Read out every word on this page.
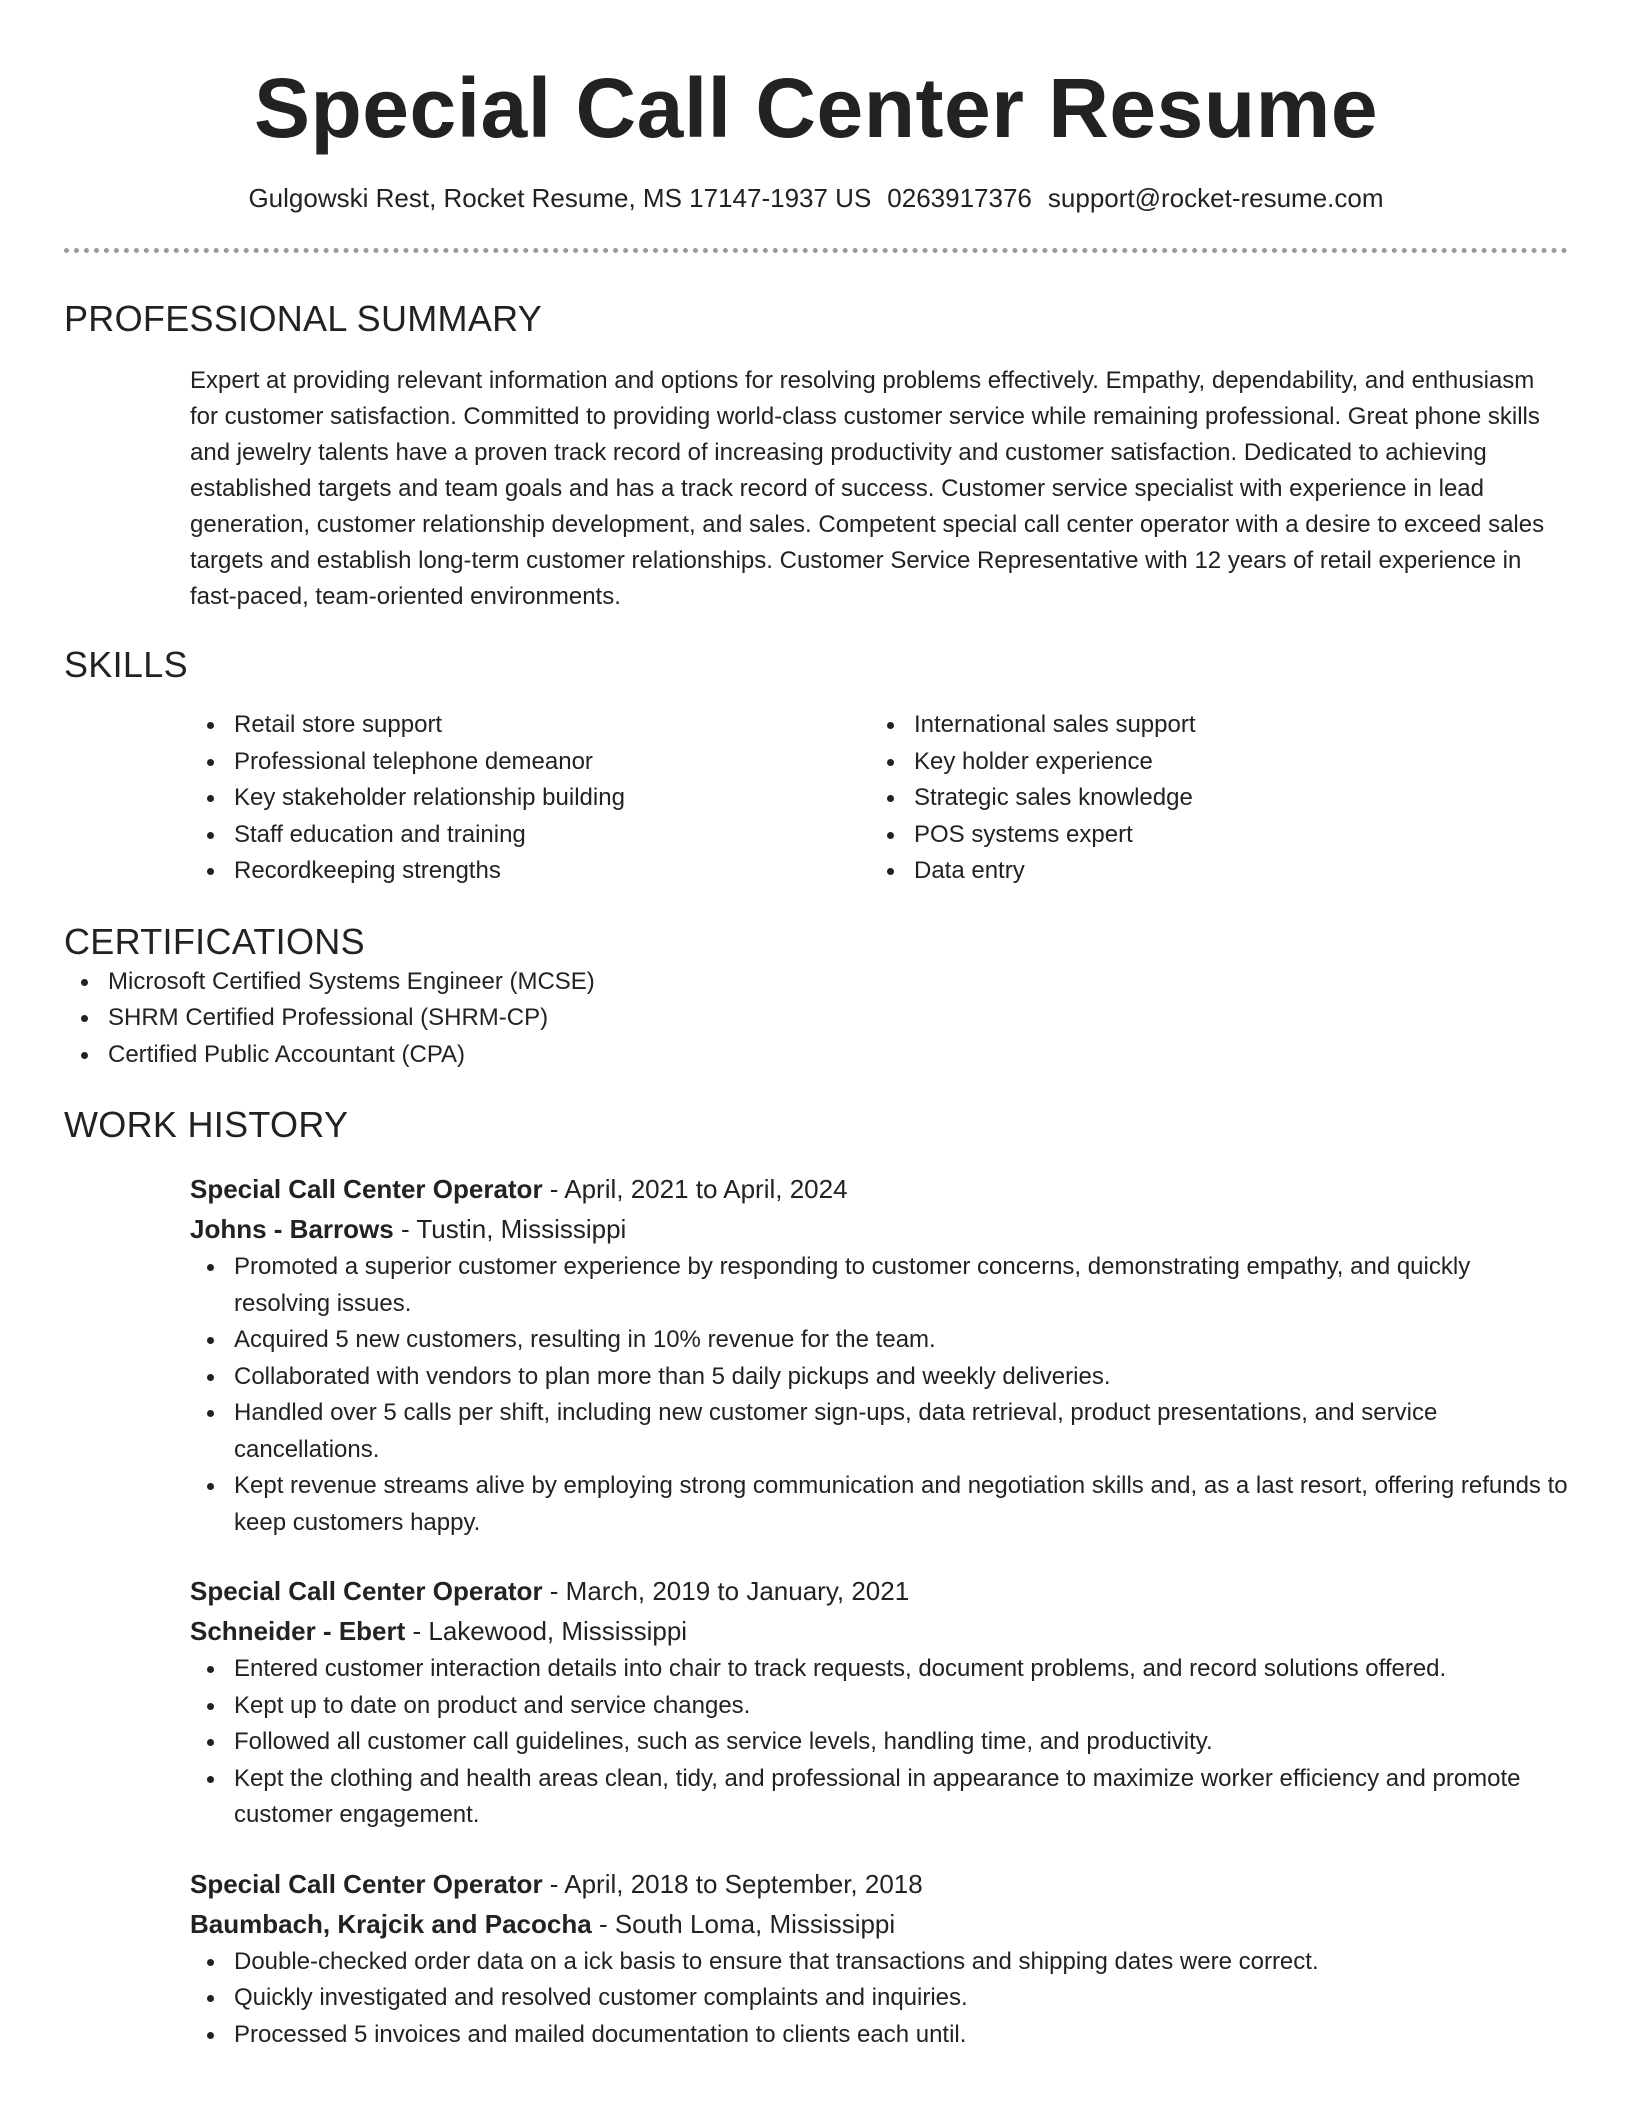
Special Call Center Resume
Gulgowski Rest, Rocket Resume, MS 17147-1937 US 0263917376 support@rocket-resume.com
PROFESSIONAL SUMMARY

Expert at providing relevant information and options for resolving problems effectively. Empathy, dependability, and enthusiasm for customer satisfaction. Committed to providing world-class customer service while remaining professional. Great phone skills and jewelry talents have a proven track record of increasing productivity and customer satisfaction. Dedicated to achieving established targets and team goals and has a track record of success. Customer service specialist with experience in lead generation, customer relationship development, and sales. Competent special call center operator with a desire to exceed sales targets and establish long-term customer relationships. Customer Service Representative with 12 years of retail experience in fast-paced, team-oriented environments.

SKILLS
Retail store support
Professional telephone demeanor
Key stakeholder relationship building
Staff education and training
Recordkeeping strengths
International sales support
Key holder experience
Strategic sales knowledge
POS systems expert
Data entry
CERTIFICATIONS
Microsoft Certified Systems Engineer (MCSE)
SHRM Certified Professional (SHRM-CP)
Certified Public Accountant (CPA)
WORK HISTORY
Special Call Center Operator - April, 2021 to April, 2024
Johns - Barrows - Tustin, Mississippi
Promoted a superior customer experience by responding to customer concerns, demonstrating empathy, and quickly resolving issues.
Acquired 5 new customers, resulting in 10% revenue for the team.
Collaborated with vendors to plan more than 5 daily pickups and weekly deliveries.
Handled over 5 calls per shift, including new customer sign-ups, data retrieval, product presentations, and service cancellations.
Kept revenue streams alive by employing strong communication and negotiation skills and, as a last resort, offering refunds to keep customers happy.
Special Call Center Operator - March, 2019 to January, 2021
Schneider - Ebert - Lakewood, Mississippi
Entered customer interaction details into chair to track requests, document problems, and record solutions offered.
Kept up to date on product and service changes.
Followed all customer call guidelines, such as service levels, handling time, and productivity.
Kept the clothing and health areas clean, tidy, and professional in appearance to maximize worker efficiency and promote customer engagement.
Special Call Center Operator - April, 2018 to September, 2018
Baumbach, Krajcik and Pacocha - South Loma, Mississippi
Double-checked order data on a ick basis to ensure that transactions and shipping dates were correct.
Quickly investigated and resolved customer complaints and inquiries.
Processed 5 invoices and mailed documentation to clients each until.
